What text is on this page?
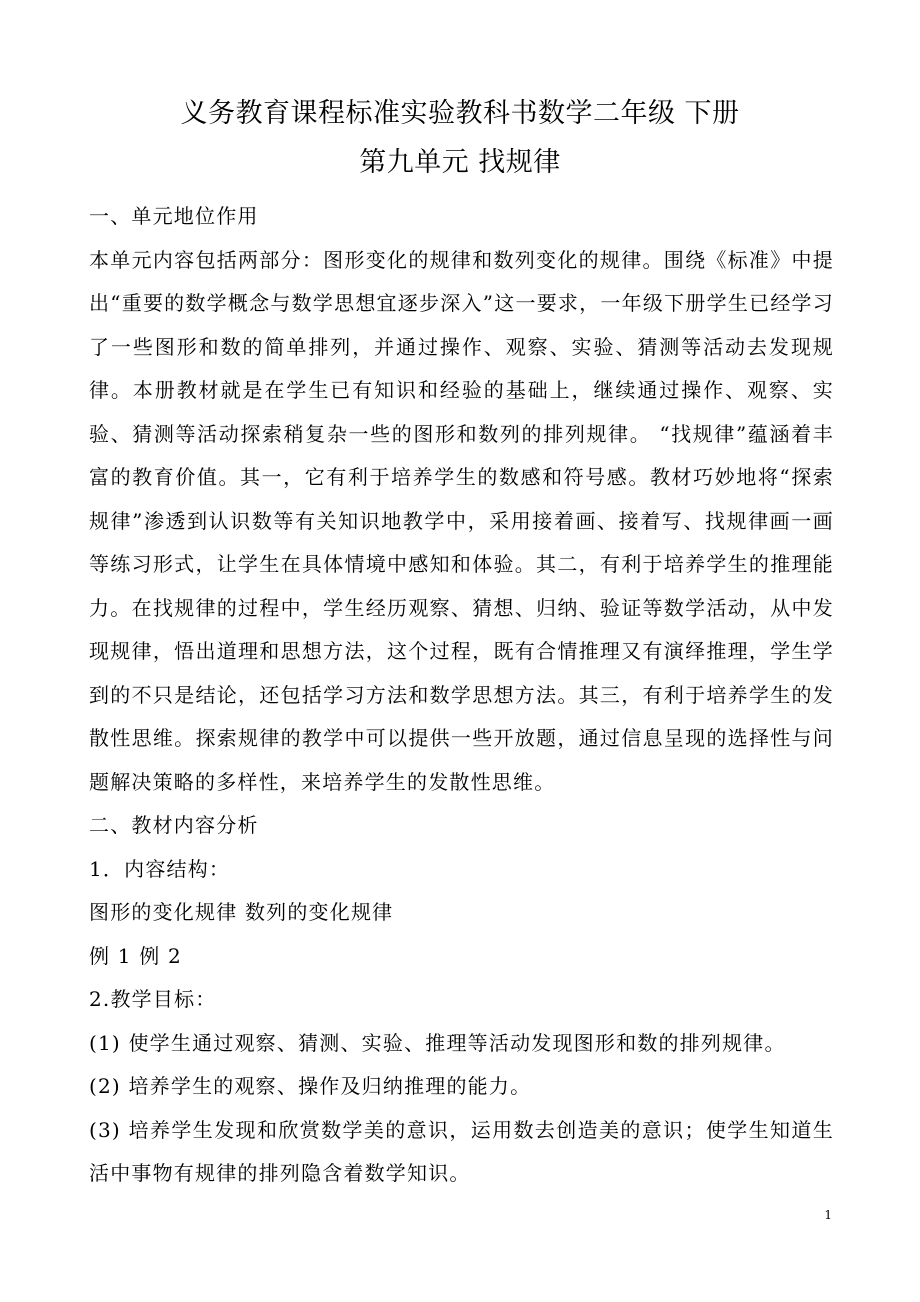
义务教育课程标准实验教科书数学二年级 下册
第九单元 找规律

一、单元地位作用

本单元内容包括两部分：图形变化的规律和数列变化的规律。围绕《标准》中提出“重要的数学概念与数学思想宜逐步深入”这一要求，一年级下册学生已经学习了一些图形和数的简单排列，并通过操作、观察、实验、猜测等活动去发现规律。本册教材就是在学生已有知识和经验的基础上，继续通过操作、观察、实验、猜测等活动探索稍复杂一些的图形和数列的排列规律。 “找规律”蕴涵着丰富的教育价值。其一，它有利于培养学生的数感和符号感。教材巧妙地将“探索规律”渗透到认识数等有关知识地教学中，采用接着画、接着写、找规律画一画等练习形式，让学生在具体情境中感知和体验。其二，有利于培养学生的推理能力。在找规律的过程中，学生经历观察、猜想、归纳、验证等数学活动，从中发现规律，悟出道理和思想方法，这个过程，既有合情推理又有演绎推理，学生学到的不只是结论，还包括学习方法和数学思想方法。其三，有利于培养学生的发散性思维。探索规律的教学中可以提供一些开放题，通过信息呈现的选择性与问题解决策略的多样性，来培养学生的发散性思维。

二、教材内容分析

1．内容结构：

图形的变化规律 数列的变化规律

例 1 例 2

2.教学目标：

(1) 使学生通过观察、猜测、实验、推理等活动发现图形和数的排列规律。

(2) 培养学生的观察、操作及归纳推理的能力。

(3) 培养学生发现和欣赏数学美的意识，运用数去创造美的意识；使学生知道生活中事物有规律的排列隐含着数学知识。

1
